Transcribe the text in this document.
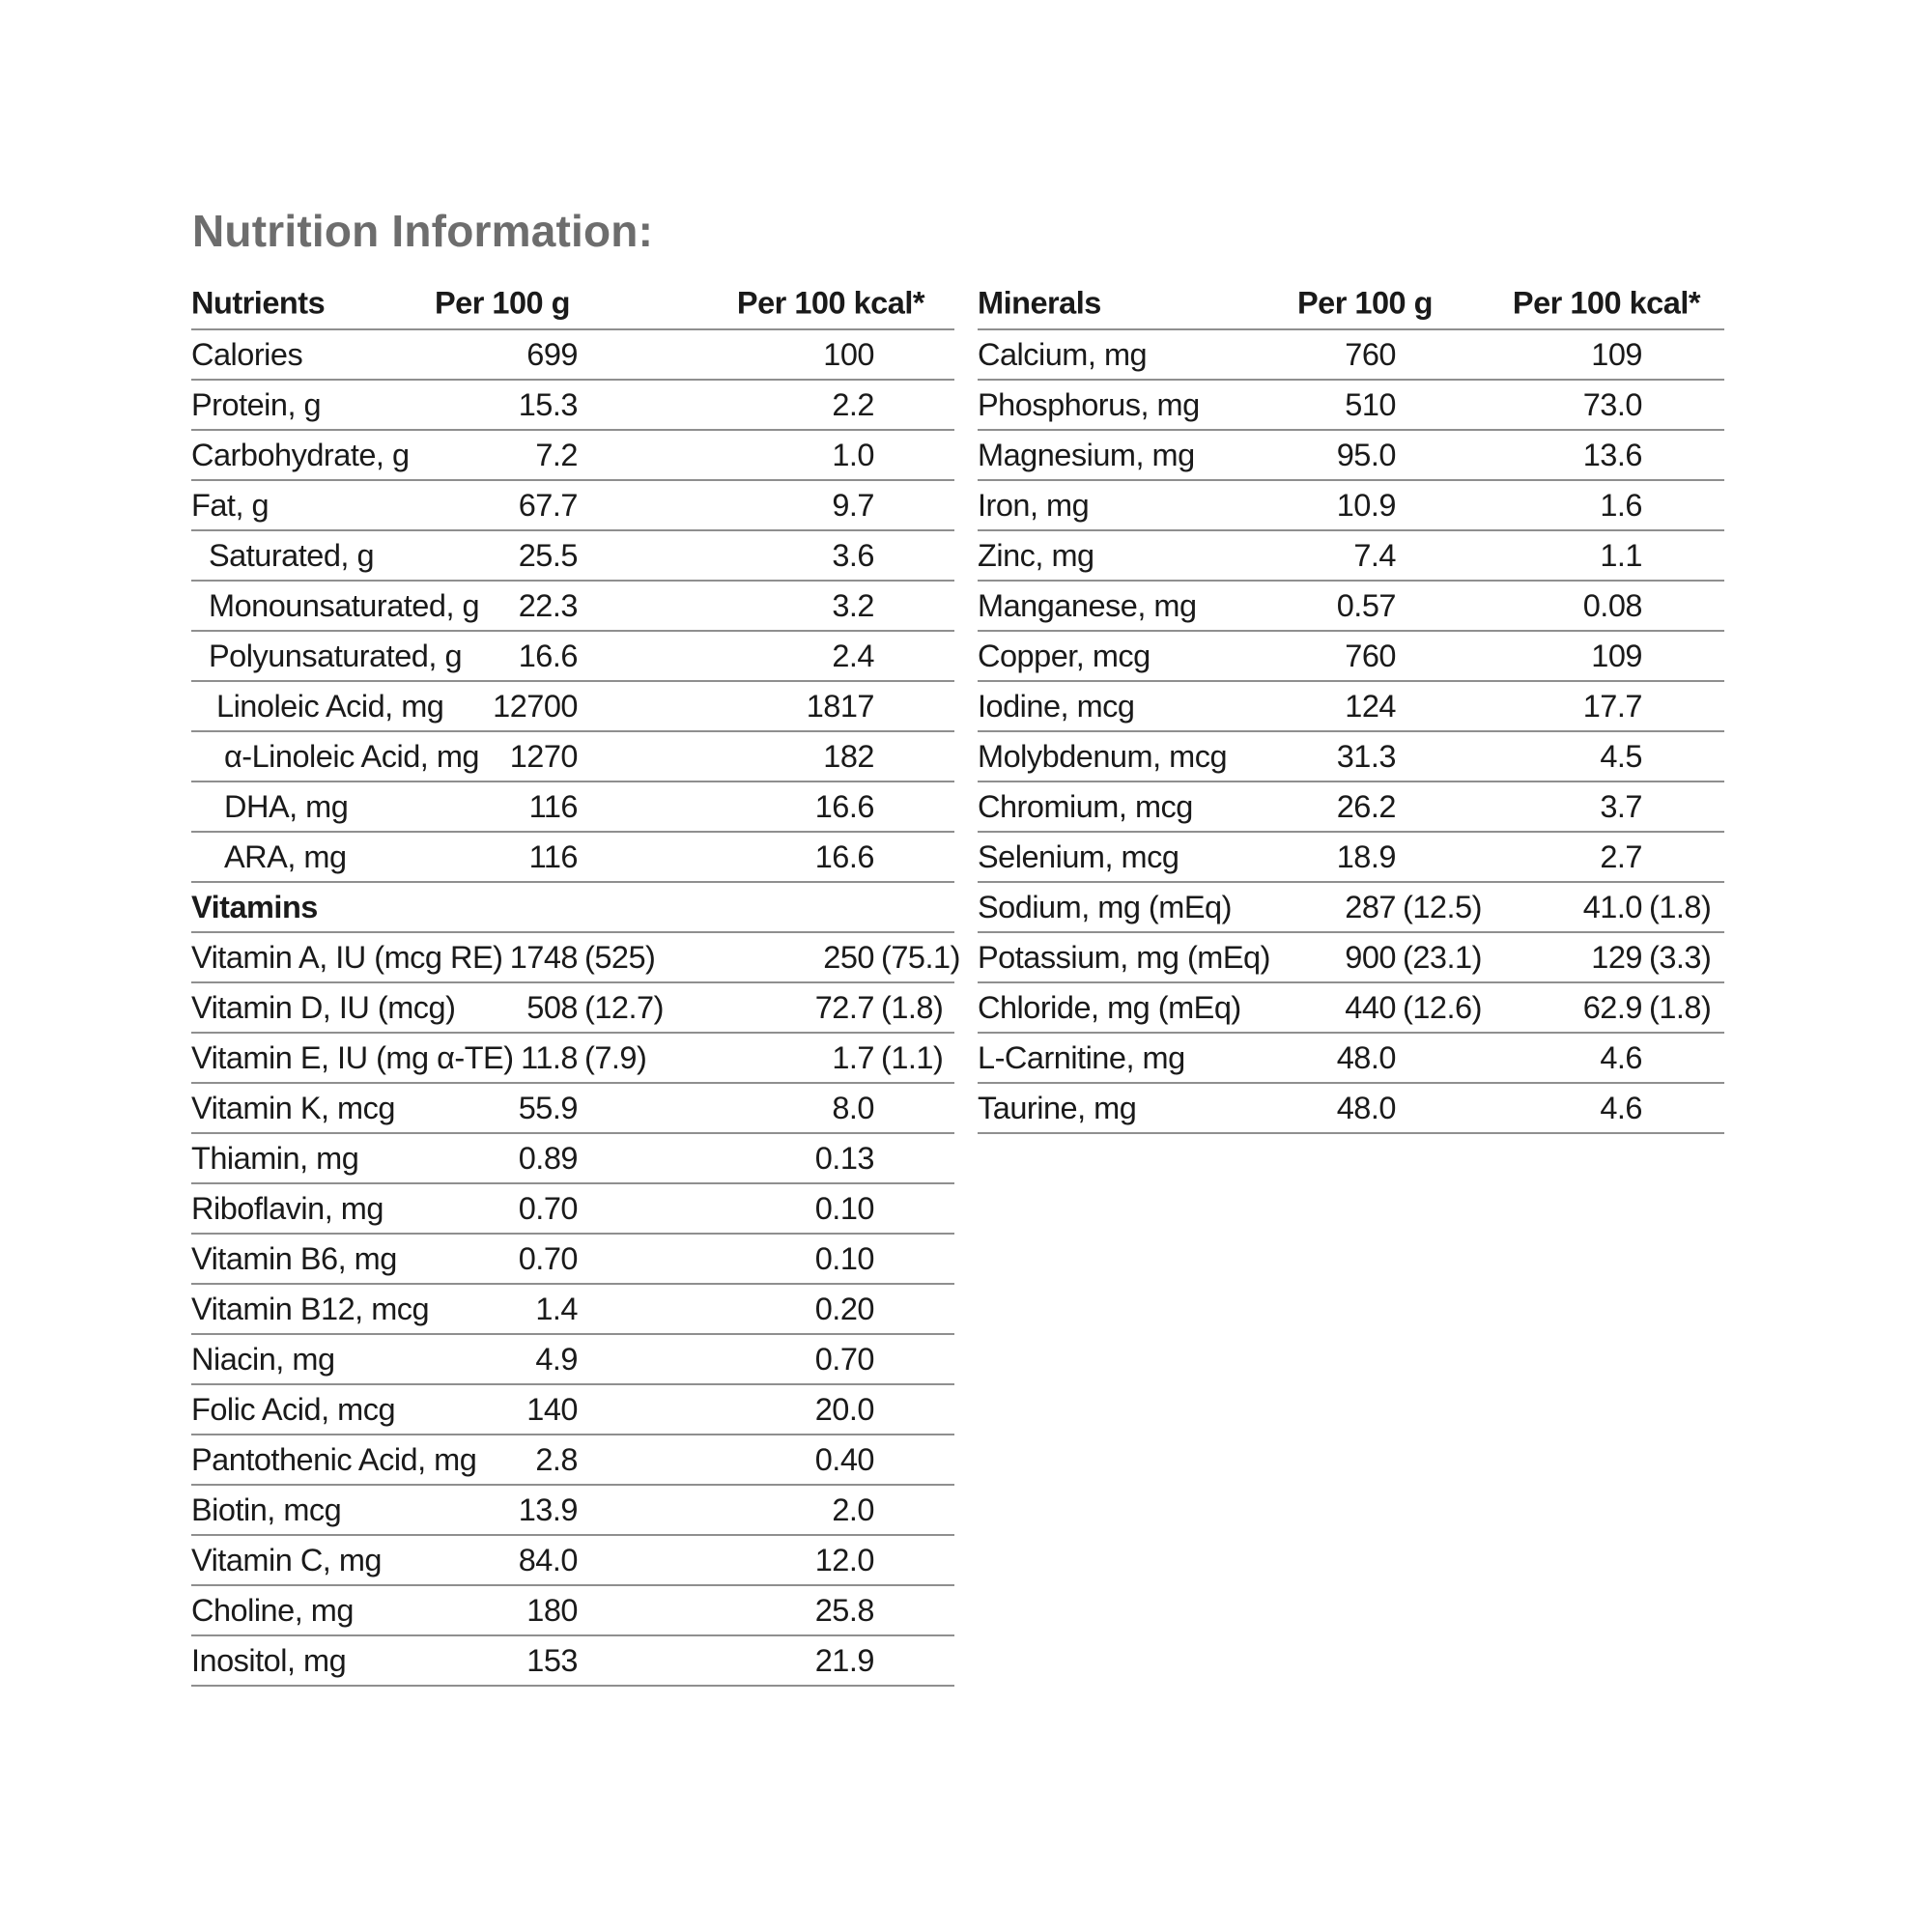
Nutrition Information:
Nutrients	Per 100 g	Per 100 kcal*
Calories	699	100
Protein, g	15.3	2.2
Carbohydrate, g	7.2	1.0
Fat, g	67.7	9.7
Saturated, g	25.5	3.6
Monounsaturated, g	22.3	3.2
Polyunsaturated, g	16.6	2.4
Linoleic Acid, mg	12700	1817
α-Linoleic Acid, mg 1270	182
DHA, mg	116	16.6
ARA, mg	116	16.6
Vitamins
Vitamin A, IU (mcg RE) 1748 (525)	250 (75.1)
Vitamin D, IU (mcg)	508 (12.7)	72.7 (1.8)
Vitamin E, IU (mg α-TE) 11.8 (7.9)	1.7 (1.1)
Vitamin K, mcg	55.9	8.0
Thiamin, mg	0.89	0.13
Riboflavin, mg	0.70	0.10
Vitamin B6, mg	0.70	0.10
Vitamin B12, mcg	1.4	0.20
Niacin, mg	4.9	0.70
Folic Acid, mcg	140	20.0
Pantothenic Acid, mg	2.8	0.40
Biotin, mcg	13.9	2.0
Vitamin C, mg	84.0	12.0
Choline, mg	180	25.8
Inositol, mg	153	21.9
Minerals	Per 100 g	Per 100 kcal*
Calcium, mg	760	109
Phosphorus, mg	510	73.0
Magnesium, mg	95.0	13.6
Iron, mg	10.9	1.6
Zinc, mg	7.4	1.1
Manganese, mg	0.57	0.08
Copper, mcg	760	109
Iodine, mcg	124	17.7
Molybdenum, mcg	31.3	4.5
Chromium, mcg	26.2	3.7
Selenium, mcg	18.9	2.7
Sodium, mg (mEq)	287 (12.5)	41.0 (1.8)
Potassium, mg (mEq)	900 (23.1)	129 (3.3)
Chloride, mg (mEq)	440 (12.6)	62.9 (1.8)
L-Carnitine, mg	48.0	4.6
Taurine, mg	48.0	4.6
